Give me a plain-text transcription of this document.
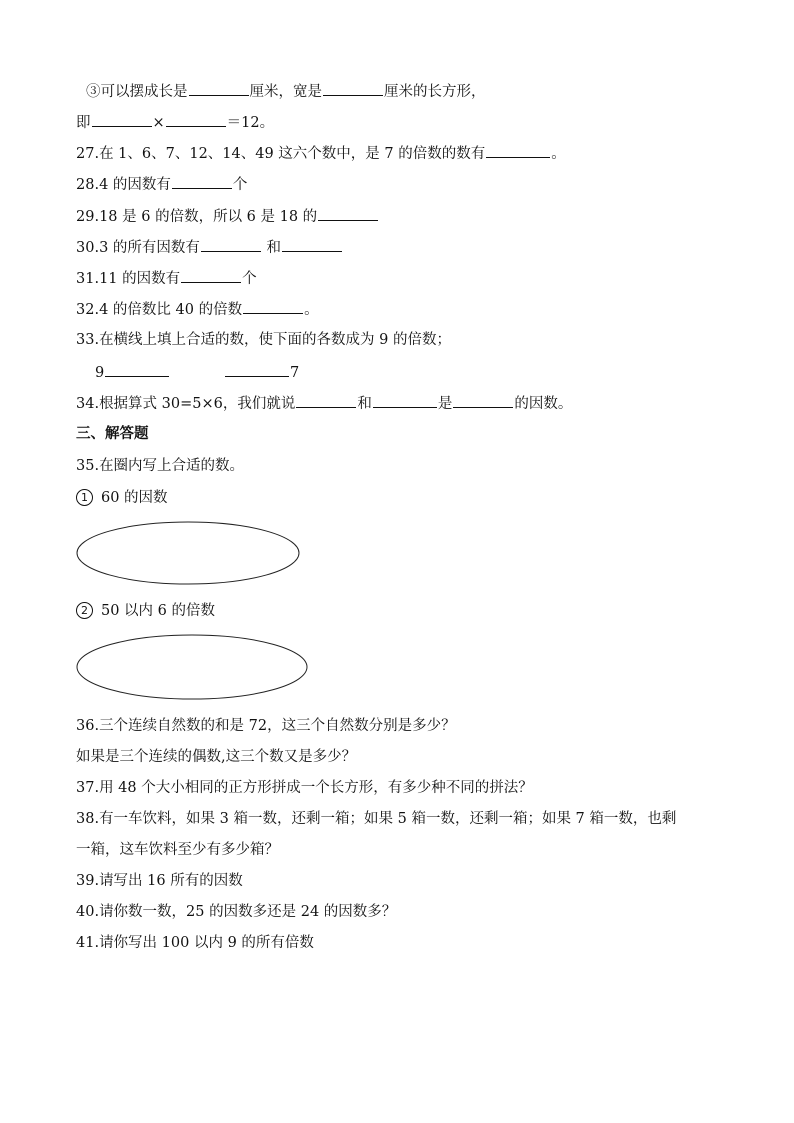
③可以摆成长是	厘米，宽是	厘米的长方形，
即	×	＝12。
27.在 1、6、7、12、14、49 这六个数中，是 7 的倍数的数有	。
28.4 的因数有	个
29.18 是 6 的倍数，所以 6 是 18 的
30.3 的所有因数有	和
31.11 的因数有	个
32.4 的倍数比 40 的倍数	。
33.在横线上填上合适的数，使下面的各数成为 9 的倍数；
9	7
34.根据算式 30=5×6，我们就说	和	是	的因数。
三、解答题
35.在圈内写上合适的数。
1 60 的因数
2 50 以内 6 的倍数
36.三个连续自然数的和是 72，这三个自然数分别是多少？
如果是三个连续的偶数,这三个数又是多少？
37.用 48 个大小相同的正方形拼成一个长方形，有多少种不同的拼法？
38.有一车饮料，如果 3 箱一数，还剩一箱；如果 5 箱一数，还剩一箱；如果 7 箱一数，也剩
一箱，这车饮料至少有多少箱？
39.请写出 16 所有的因数
40.请你数一数，25 的因数多还是 24 的因数多？
41.请你写出 100 以内 9 的所有倍数
